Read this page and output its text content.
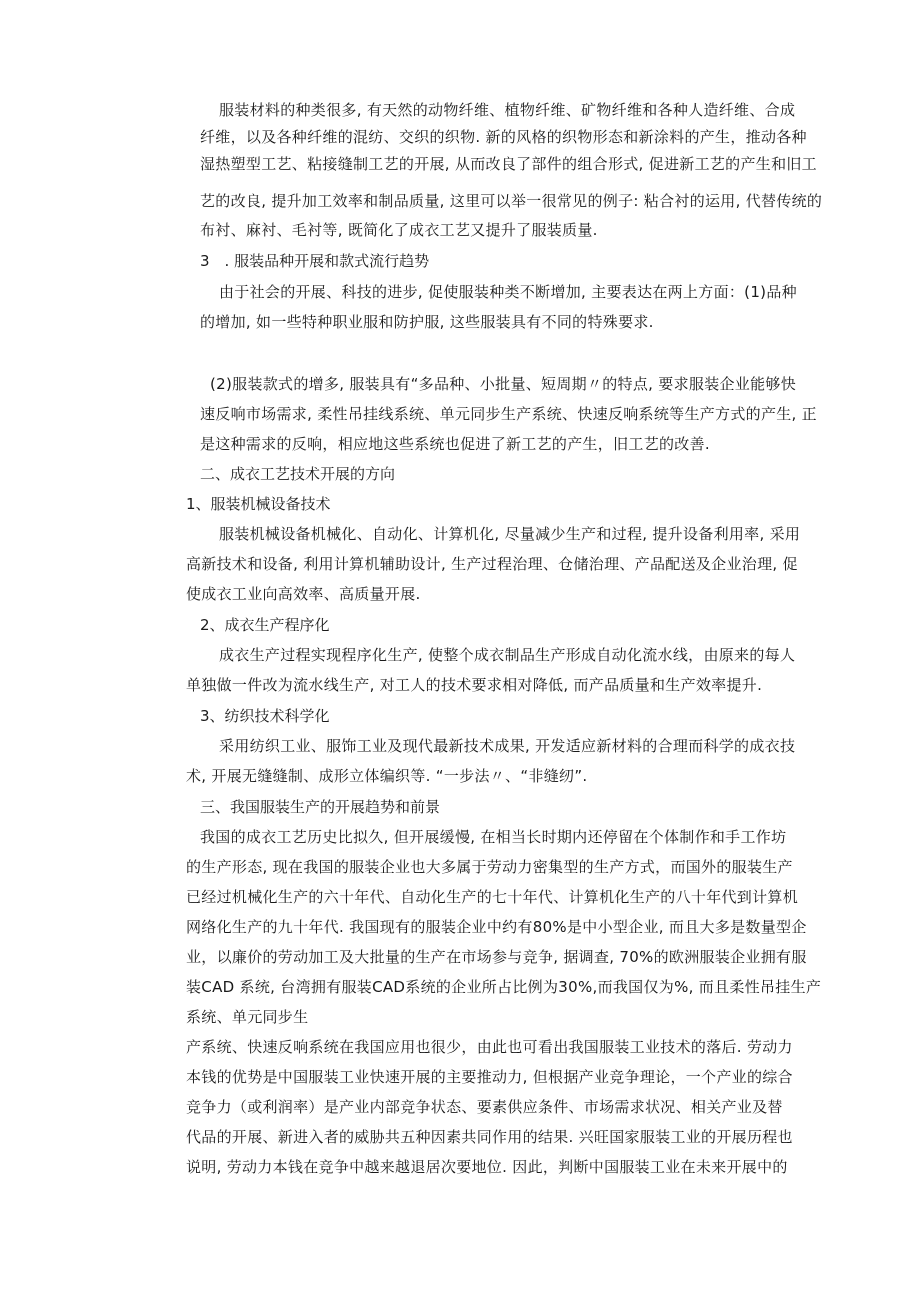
服装材料的种类很多, 有天然的动物纤维、植物纤维、矿物纤维和各种人造纤维、合成
纤维，以及各种纤维的混纺、交织的织物. 新的风格的织物形态和新涂料的产生，推动各种
湿热塑型工艺、粘接缝制工艺的开展, 从而改良了部件的组合形式, 促进新工艺的产生和旧工
艺的改良, 提升加工效率和制品质量, 这里可以举一很常见的例子: 粘合衬的运用, 代替传统的
布衬、麻衬、毛衬等, 既简化了成衣工艺又提升了服装质量.
3　. 服装品种开展和款式流行趋势
由于社会的开展、科技的进步, 促使服装种类不断增加, 主要表达在两上方面：(1)品种
的增加, 如一些特种职业服和防护服, 这些服装具有不同的特殊要求.
(2)服装款式的增多, 服装具有“多品种、小批量、短周期〃的特点, 要求服装企业能够快
速反响市场需求, 柔性吊挂线系统、单元同步生产系统、快速反响系统等生产方式的产生, 正
是这种需求的反响，相应地这些系统也促进了新工艺的产生，旧工艺的改善.
二、成衣工艺技术开展的方向
1、服装机械设备技术
服装机械设备机械化、自动化、计算机化, 尽量减少生产和过程, 提升设备利用率, 采用
高新技术和设备, 利用计算机辅助设计, 生产过程治理、仓储治理、产品配送及企业治理, 促
使成衣工业向高效率、高质量开展.
2、成衣生产程序化
成衣生产过程实现程序化生产, 使整个成衣制品生产形成自动化流水线，由原来的每人
单独做一件改为流水线生产, 对工人的技术要求相对降低, 而产品质量和生产效率提升.
3、纺织技术科学化
采用纺织工业、服饰工业及现代最新技术成果, 开发适应新材料的合理而科学的成衣技
术, 开展无缝缝制、成形立体编织等. “一步法〃、“非缝纫”.
三、我国服装生产的开展趋势和前景
我国的成衣工艺历史比拟久, 但开展缓慢, 在相当长时期内还停留在个体制作和手工作坊
的生产形态, 现在我国的服装企业也大多属于劳动力密集型的生产方式，而国外的服装生产
已经过机械化生产的六十年代、自动化生产的七十年代、计算机化生产的八十年代到计算机
网络化生产的九十年代. 我国现有的服装企业中约有80%是中小型企业, 而且大多是数量型企
业，以廉价的劳动加工及大批量的生产在市场参与竞争, 据调查, 70%的欧洲服装企业拥有服
装CAD 系统, 台湾拥有服装CAD系统的企业所占比例为30%,而我国仅为%, 而且柔性吊挂生产
系统、单元同步生
产系统、快速反响系统在我国应用也很少，由此也可看出我国服装工业技术的落后. 劳动力
本钱的优势是中国服装工业快速开展的主要推动力, 但根据产业竞争理论，一个产业的综合
竞争力（或利润率）是产业内部竞争状态、要素供应条件、市场需求状况、相关产业及替
代品的开展、新进入者的威胁共五种因素共同作用的结果. 兴旺国家服装工业的开展历程也
说明, 劳动力本钱在竞争中越来越退居次要地位. 因此，判断中国服装工业在未来开展中的
